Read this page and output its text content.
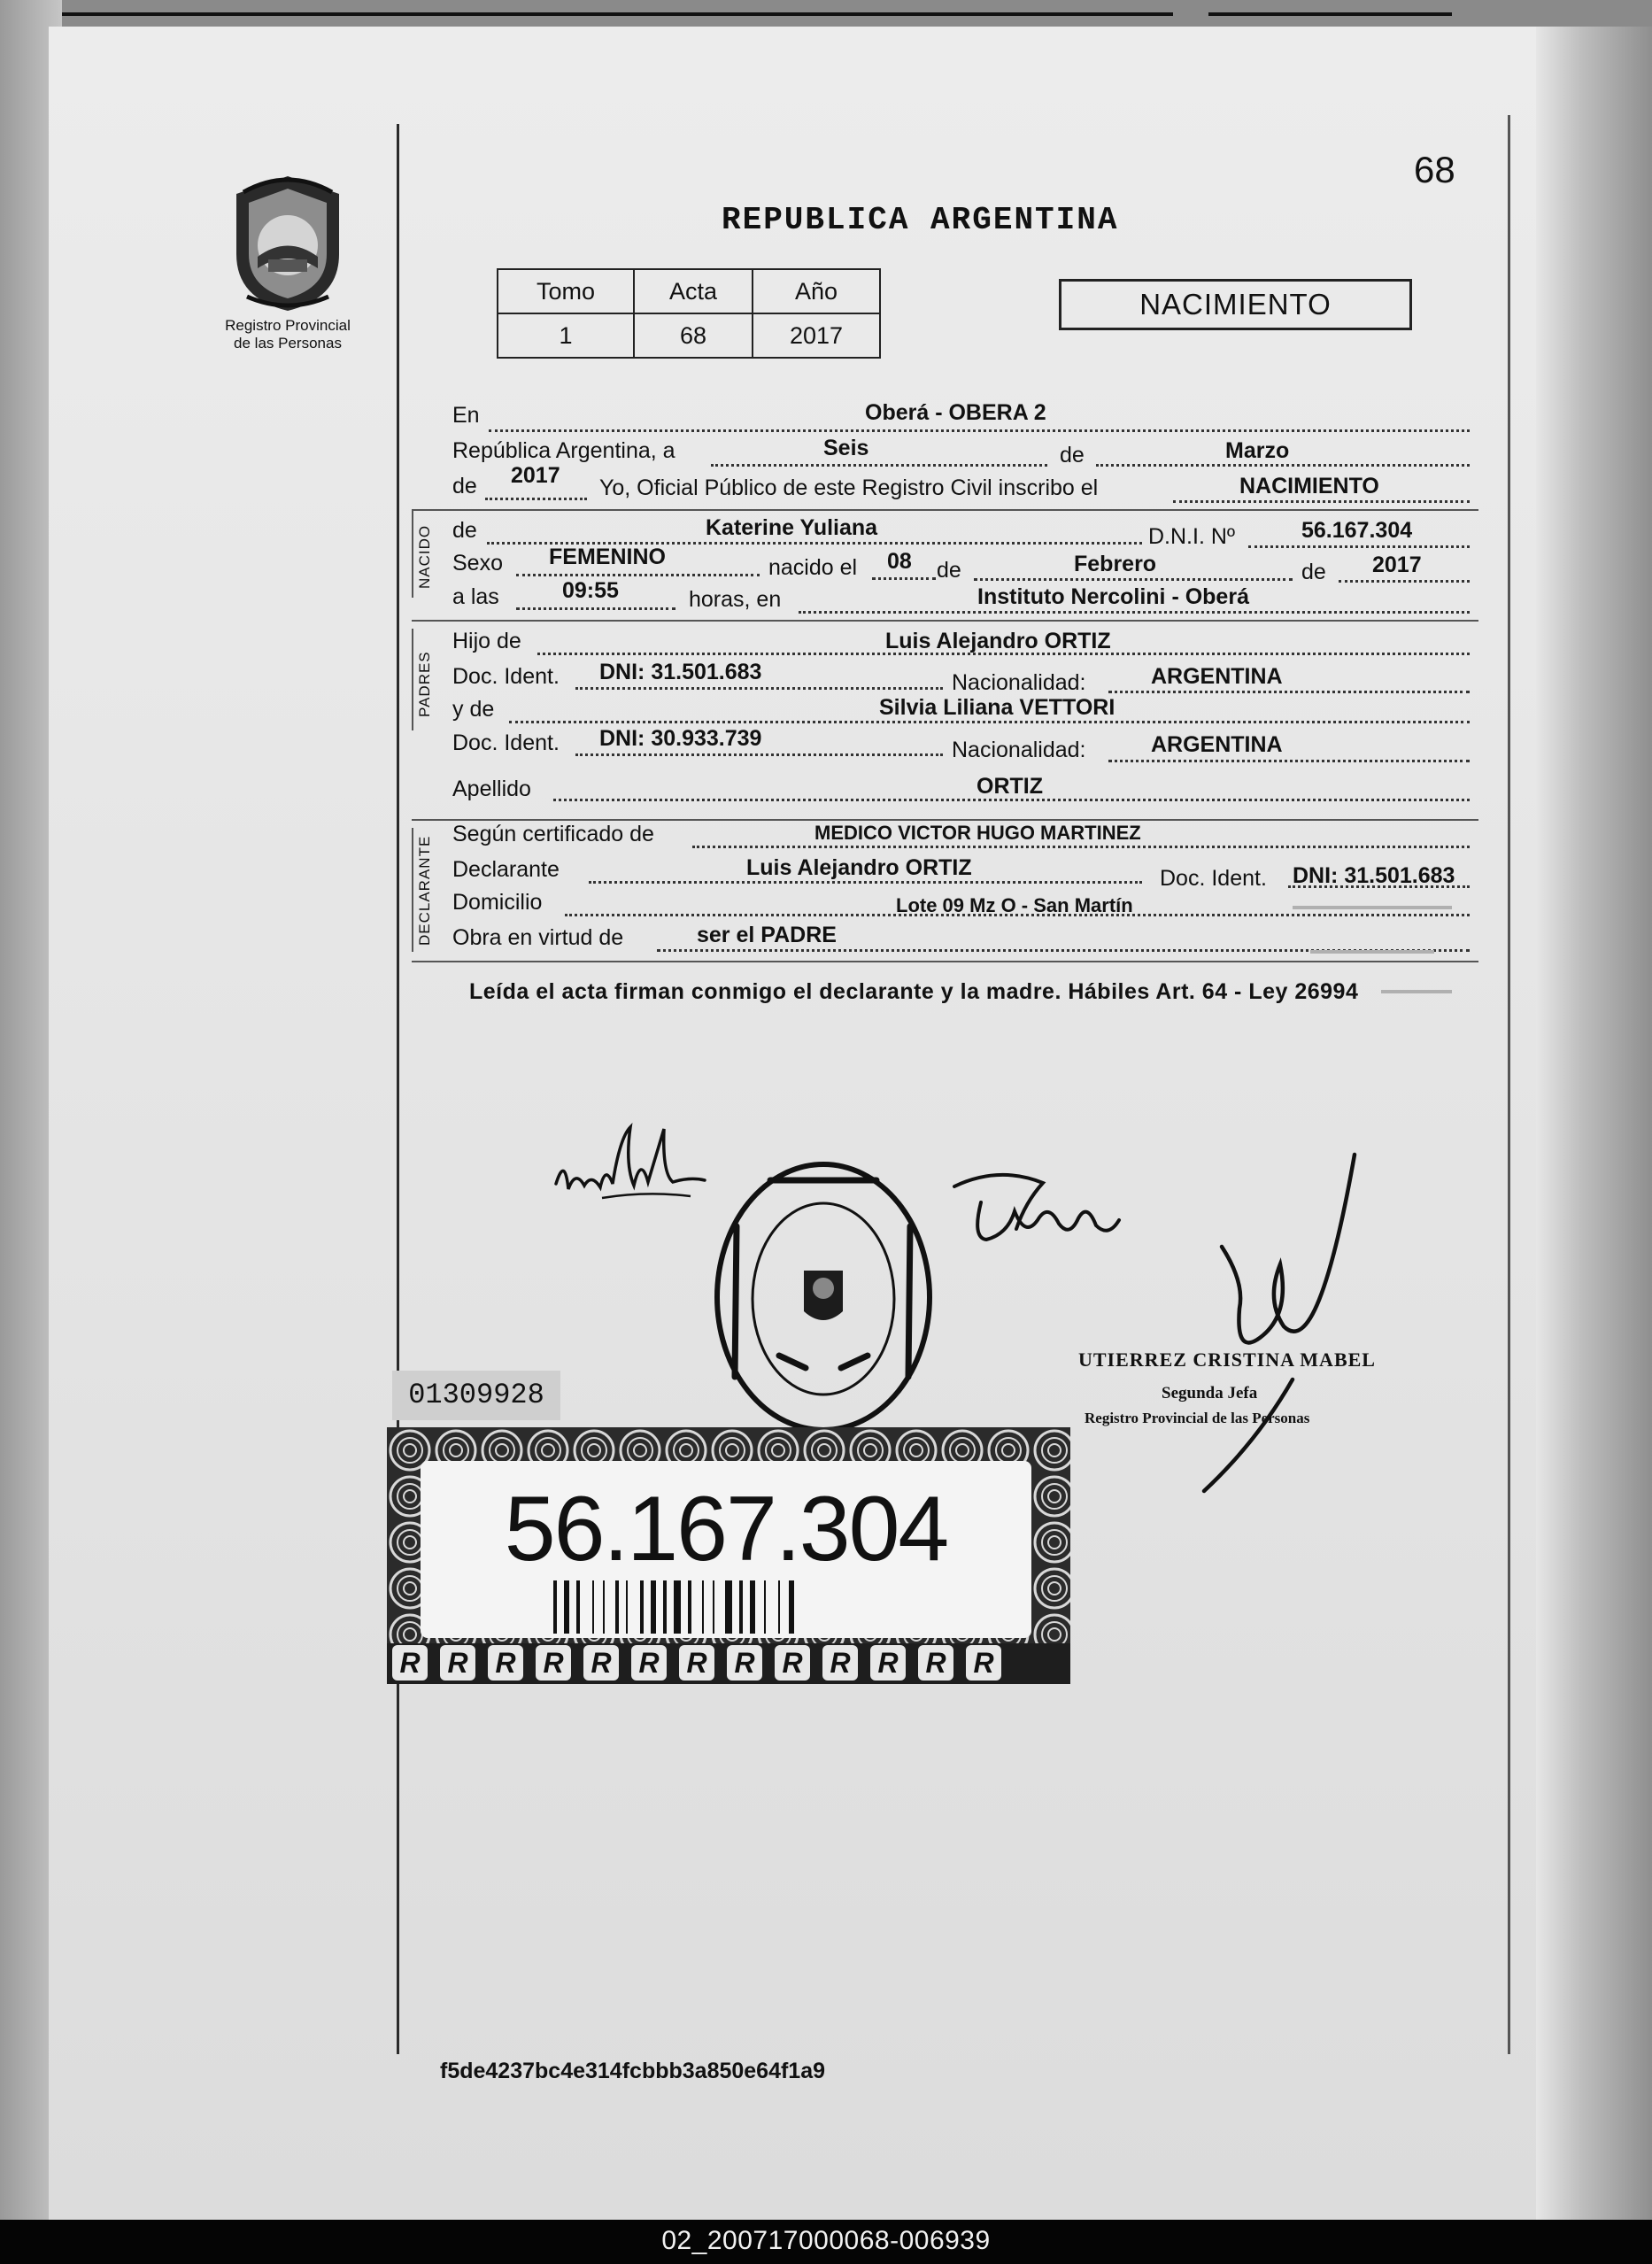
68
REPUBLICA ARGENTINA
Registro Provincial
de las Personas
Tomo	Acta	Año
1	68	2017
NACIMIENTO
NACIDO
PADRES
DECLARANTE
En	Oberá - OBERA 2
República Argentina, a	Seis	de	Marzo
de 2017 Yo, Oficial Público de este Registro Civil inscribo el	NACIMIENTO
de	Katerine Yuliana	D.N.I. Nº	56.167.304
Sexo FEMENINO	nacido el 08 de	Febrero	de 2017
a las	09:55	horas, en	Instituto Nercolini - Oberá
Hijo de	Luis Alejandro ORTIZ
Doc. Ident. DNI: 31.501.683	Nacionalidad:	ARGENTINA
y de	Silvia Liliana VETTORI
Doc. Ident. DNI: 30.933.739	Nacionalidad:	ARGENTINA
Apellido	ORTIZ
Según certificado de	MEDICO VICTOR HUGO MARTINEZ
Declarante	Luis Alejandro ORTIZ	Doc. Ident. DNI: 31.501.683
Domicilio	Lote 09 Mz O - San Martín
Obra en virtud de	ser el PADRE
Leída el acta firman conmigo el declarante y la madre. Hábiles Art. 64 - Ley 26994
UTIERREZ CRISTINA MABEL
Segunda Jefa
Registro Provincial de las Personas
01309928
R R R R R R R R R R R R R
56.167.304
f5de4237bc4e314fcbbb3a850e64f1a9
02_200717000068-006939
